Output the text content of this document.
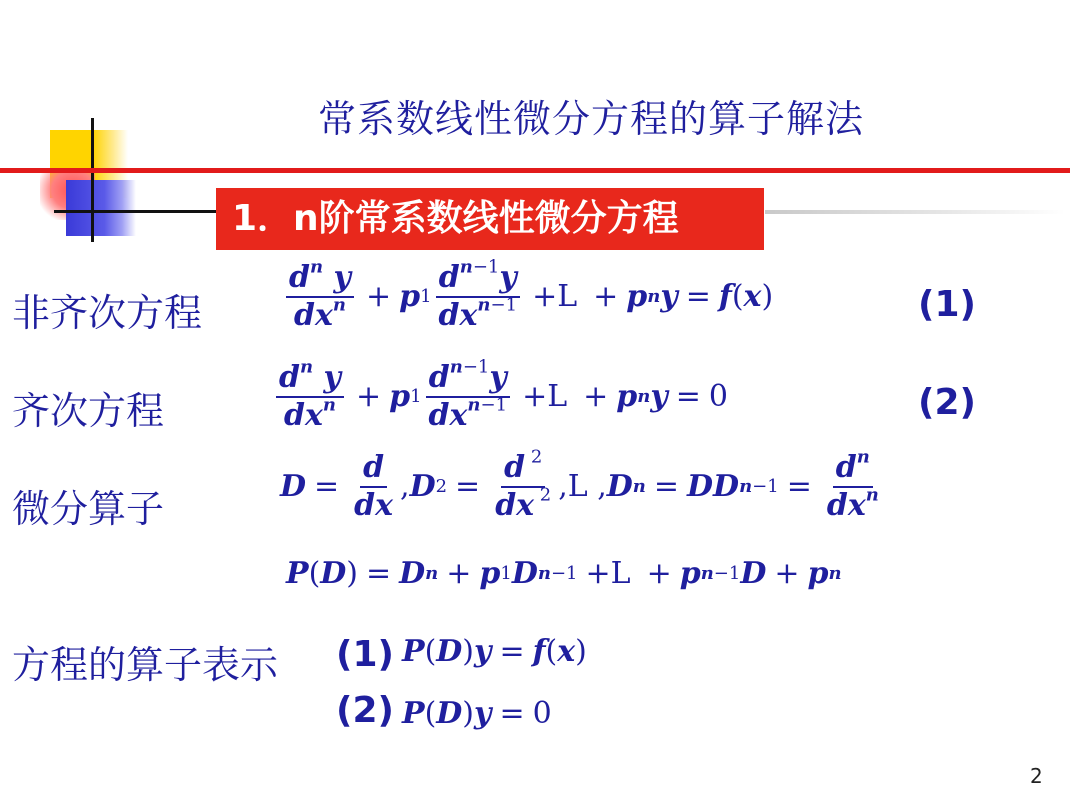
常系数线性微分方程的算子解法
1．n阶常系数线性微分方程
非齐次方程	$\frac{d^n y}{dx^n} + p$ $1 \frac{d^{n-1}y}{dx^{n-1}} +L + p$ n y = f ( x )	(1)
齐次方程	$\frac{d^n y}{dx^n} + p$ $1 \frac{d^{n-1}y}{dx^{n-1}} +L + p$ n y = 0	(2)
微分算子
$D = \frac{d}{dx}$ , D $2 = \frac{d ^2}{dx ^2} ,L$ , D n = DD $n-1 = \frac{d^n}{dx^n}$
P ( D ) = D n + p 1 D n−1 +L + p n−1 D + p n
方程的算子表示 (1) P ( D ) y = f ( x )
(2) P ( D ) y = 0
2
